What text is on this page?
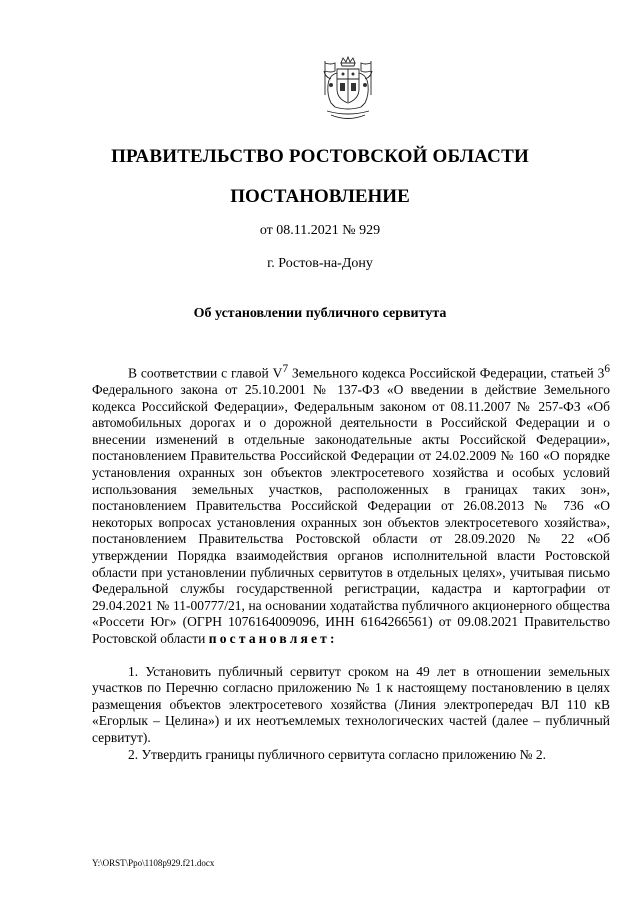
ПРАВИТЕЛЬСТВО РОСТОВСКОЙ ОБЛАСТИ
ПОСТАНОВЛЕНИЕ
от 08.11.2021 № 929
г. Ростов-на-Дону
Об установлении публичного сервитута

В соответствии с главой $V^7$ Земельного кодекса Российской Федерации, статьей $3^6$ Федерального закона от 25.10.2001 № 137-ФЗ «О введении в действие Земельного кодекса Российской Федерации», Федеральным законом от 08.11.2007 № 257-ФЗ «Об автомобильных дорогах и о дорожной деятельности в Российской Федерации и о внесении изменений в отдельные законодательные акты Российской Федерации», постановлением Правительства Российской Федерации от 24.02.2009 № 160 «О порядке установления охранных зон объектов электросетевого хозяйства и особых условий использования земельных участков, расположенных в границах таких зон», постановлением Правительства Российской Федерации от 26.08.2013 № 736 «О некоторых вопросах установления охранных зон объектов электросетевого хозяйства», постановлением Правительства Ростовской области от 28.09.2020 № 22 «Об утверждении Порядка взаимодействия органов исполнительной власти Ростовской области при установлении публичных сервитутов в отдельных целях», учитывая письмо Федеральной службы государственной регистрации, кадастра и картографии от 29.04.2021 № 11-00777/21, на основании ходатайства публичного акционерного общества «Россети Юг» (ОГРН 1076164009096, ИНН 6164266561) от 09.08.2021 Правительство Ростовской области постановляет:

1. Установить публичный сервитут сроком на 49 лет в отношении земельных участков по Перечню согласно приложению № 1 к настоящему постановлению в целях размещения объектов электросетевого хозяйства (Линия электропередач ВЛ 110 кВ «Егорлык – Целина») и их неотъемлемых технологических частей (далее – публичный сервитут).

2. Утвердить границы публичного сервитута согласно приложению № 2.

Y:\ORST\Ppo\1108p929.f21.docx
